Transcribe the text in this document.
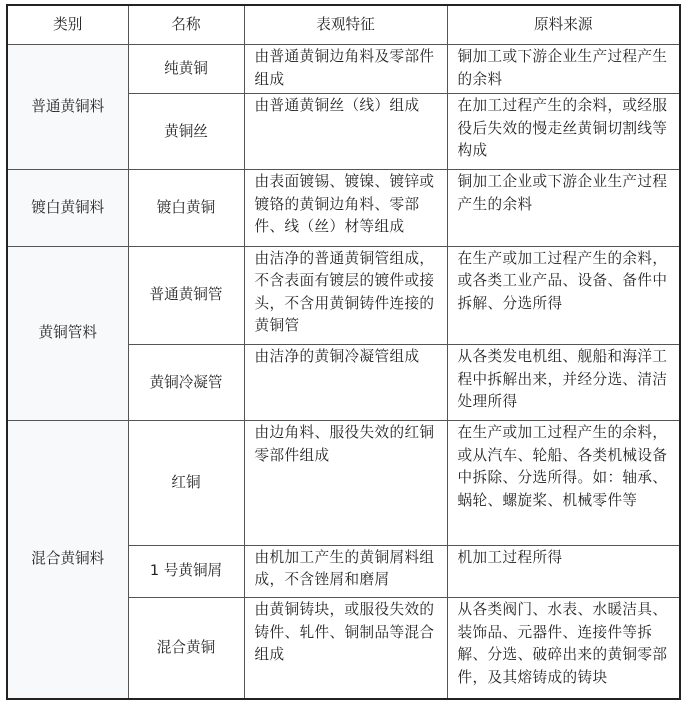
类别	名称	表观特征	原料来源
普通黄铜料	纯黄铜	由普通黄铜边角料及零部件组成	铜加工或下游企业生产过程产生的余料
	黄铜丝	由普通黄铜丝（线）组成	在加工过程产生的余料，或经服役后失效的慢走丝黄铜切割线等构成
镀白黄铜料	镀白黄铜	由表面镀锡、镀镍、镀锌或镀铬的黄铜边角料、零部件、线（丝）材等组成	铜加工企业或下游企业生产过程产生的余料
黄铜管料	普通黄铜管	由洁净的普通黄铜管组成，不含表面有镀层的镀件或接头，不含用黄铜铸件连接的黄铜管	在生产或加工过程产生的余料，或各类工业产品、设备、备件中拆解、分选所得
	黄铜冷凝管	由洁净的黄铜冷凝管组成	从各类发电机组、舰船和海洋工程中拆解出来，并经分选、清洁处理所得
混合黄铜料	红铜	由边角料、服役失效的红铜零部件组成	在生产或加工过程产生的余料，或从汽车、轮船、各类机械设备中拆除、分选所得。如：轴承、蜗轮、螺旋桨、机械零件等
	1 号黄铜屑	由机加工产生的黄铜屑料组成，不含锉屑和磨屑	机加工过程所得
	混合黄铜	由黄铜铸块，或服役失效的铸件、轧件、铜制品等混合组成	从各类阀门、水表、水暖洁具、装饰品、元器件、连接件等拆解、分选、破碎出来的黄铜零部件，及其熔铸成的铸块
